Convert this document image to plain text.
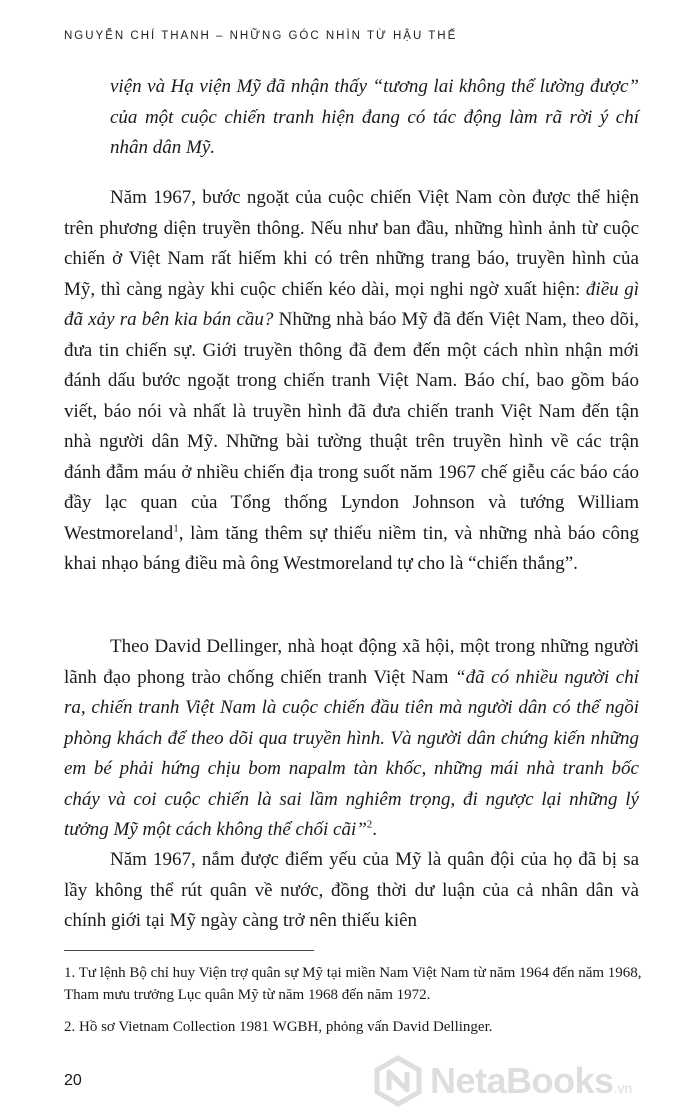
NGUYỄN CHÍ THANH – NHỮNG GÓC NHÌN TỪ HẬU THẾ

viện và Hạ viện Mỹ đã nhận thấy “tương lai không thể lường được” của một cuộc chiến tranh hiện đang có tác động làm rã rời ý chí nhân dân Mỹ.

Năm 1967, bước ngoặt của cuộc chiến Việt Nam còn được thể hiện trên phương diện truyền thông. Nếu như ban đầu, những hình ảnh từ cuộc chiến ở Việt Nam rất hiếm khi có trên những trang báo, truyền hình của Mỹ, thì càng ngày khi cuộc chiến kéo dài, mọi nghi ngờ xuất hiện: điều gì đã xảy ra bên kia bán cầu? Những nhà báo Mỹ đã đến Việt Nam, theo dõi, đưa tin chiến sự. Giới truyền thông đã đem đến một cách nhìn nhận mới đánh dấu bước ngoặt trong chiến tranh Việt Nam. Báo chí, bao gồm báo viết, báo nói và nhất là truyền hình đã đưa chiến tranh Việt Nam đến tận nhà người dân Mỹ. Những bài tường thuật trên truyền hình về các trận đánh đẫm máu ở nhiều chiến địa trong suốt năm 1967 chế giễu các báo cáo đầy lạc quan của Tổng thống Lyndon Johnson và tướng William Westmoreland$^1$, làm tăng thêm sự thiếu niềm tin, và những nhà báo công khai nhạo báng điều mà ông Westmoreland tự cho là “chiến thắng”.

Theo David Dellinger, nhà hoạt động xã hội, một trong những người lãnh đạo phong trào chống chiến tranh Việt Nam “đã có nhiều người chỉ ra, chiến tranh Việt Nam là cuộc chiến đầu tiên mà người dân có thể ngồi phòng khách để theo dõi qua truyền hình. Và người dân chứng kiến những em bé phải hứng chịu bom napalm tàn khốc, những mái nhà tranh bốc cháy và coi cuộc chiến là sai lầm nghiêm trọng, đi ngược lại những lý tưởng Mỹ một cách không thể chối cãi”$^2$.

Năm 1967, nắm được điểm yếu của Mỹ là quân đội của họ đã bị sa lầy không thể rút quân về nước, đồng thời dư luận của cả nhân dân và chính giới tại Mỹ ngày càng trở nên thiếu kiên

1. Tư lệnh Bộ chỉ huy Viện trợ quân sự Mỹ tại miền Nam Việt Nam từ năm 1964 đến năm 1968, Tham mưu trưởng Lục quân Mỹ từ năm 1968 đến năm 1972.

2. Hồ sơ Vietnam Collection 1981 WGBH, phỏng vấn David Dellinger.

20	NetaBooks .vn
